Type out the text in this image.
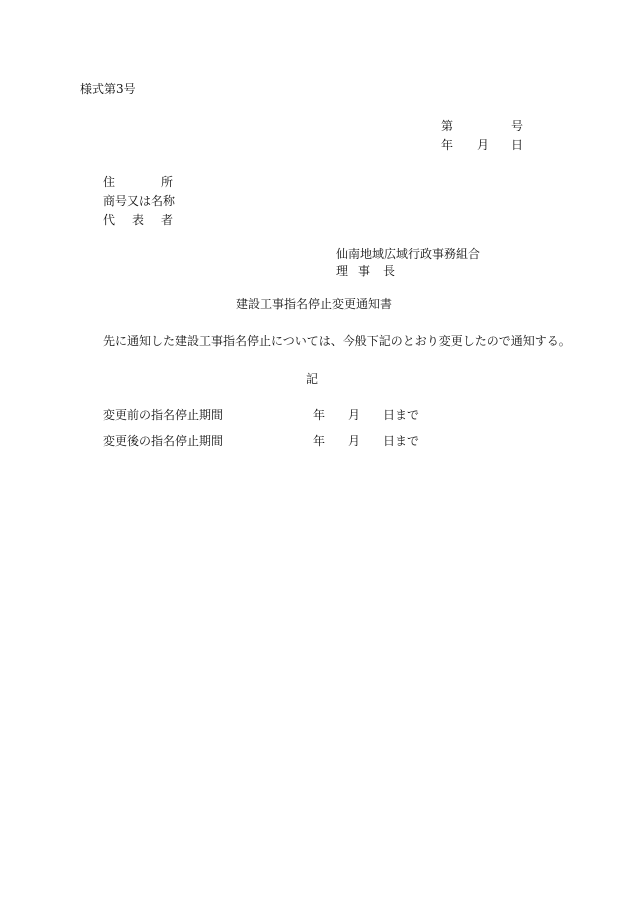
様式第3号
第	号
年 月 日
住	所
商号又は名称
代 表 者
仙南地域広域行政事務組合
理 事 長
建設工事指名停止変更通知書
先に通知した建設工事指名停止については、今般下記のとおり変更したので通知する。
記
変更前の指名停止期間	年 月 日まで
変更後の指名停止期間	年 月 日まで
